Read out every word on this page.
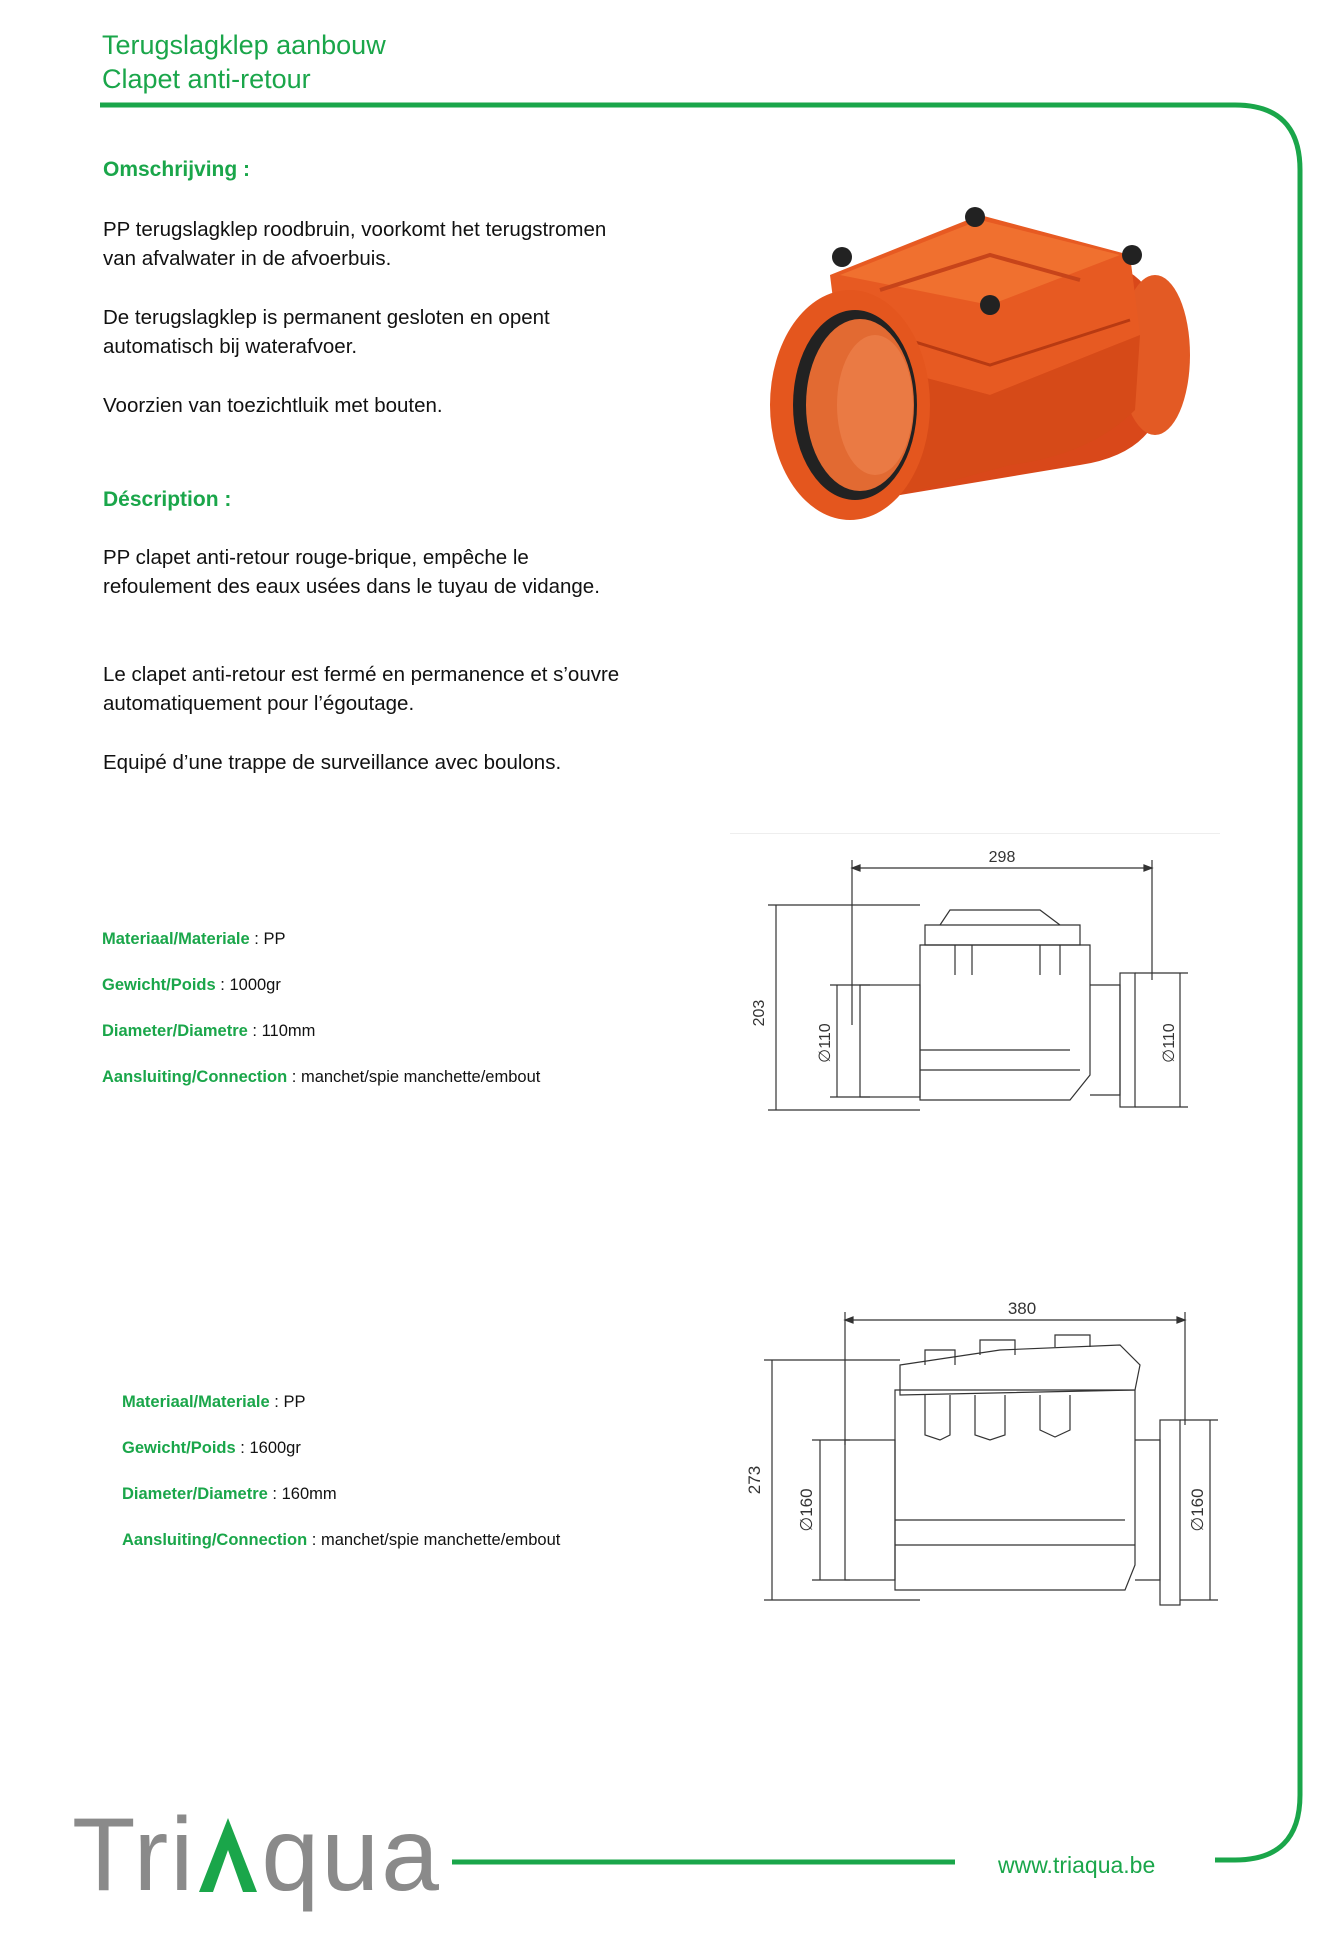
Terugslagklep aanbouw
Clapet anti-retour
Omschrijving :
PP terugslagklep roodbruin, voorkomt het terugstromen van afvalwater in de afvoerbuis.
De terugslagklep is permanent gesloten en opent automatisch bij waterafvoer.
Voorzien van toezichtluik met bouten.
Déscription :
PP clapet anti-retour rouge-brique, empêche le refoulement des eaux usées dans le tuyau de vidange.
Le clapet anti-retour est fermé en permanence et s’ouvre automatiquement pour l’égoutage.
Equipé d’une trappe de surveillance avec boulons.
Materiaal/Materiale : PP
Gewicht/Poids : 1000gr
Diameter/Diametre : 110mm
Aansluiting/Connection : manchet/spie manchette/embout
298
203
∅110	∅110
Materiaal/Materiale : PP
Gewicht/Poids : 1600gr
Diameter/Diametre : 160mm
Aansluiting/Connection : manchet/spie manchette/embout
380
273
∅160	∅160
Tri qua	www.triaqua.be
